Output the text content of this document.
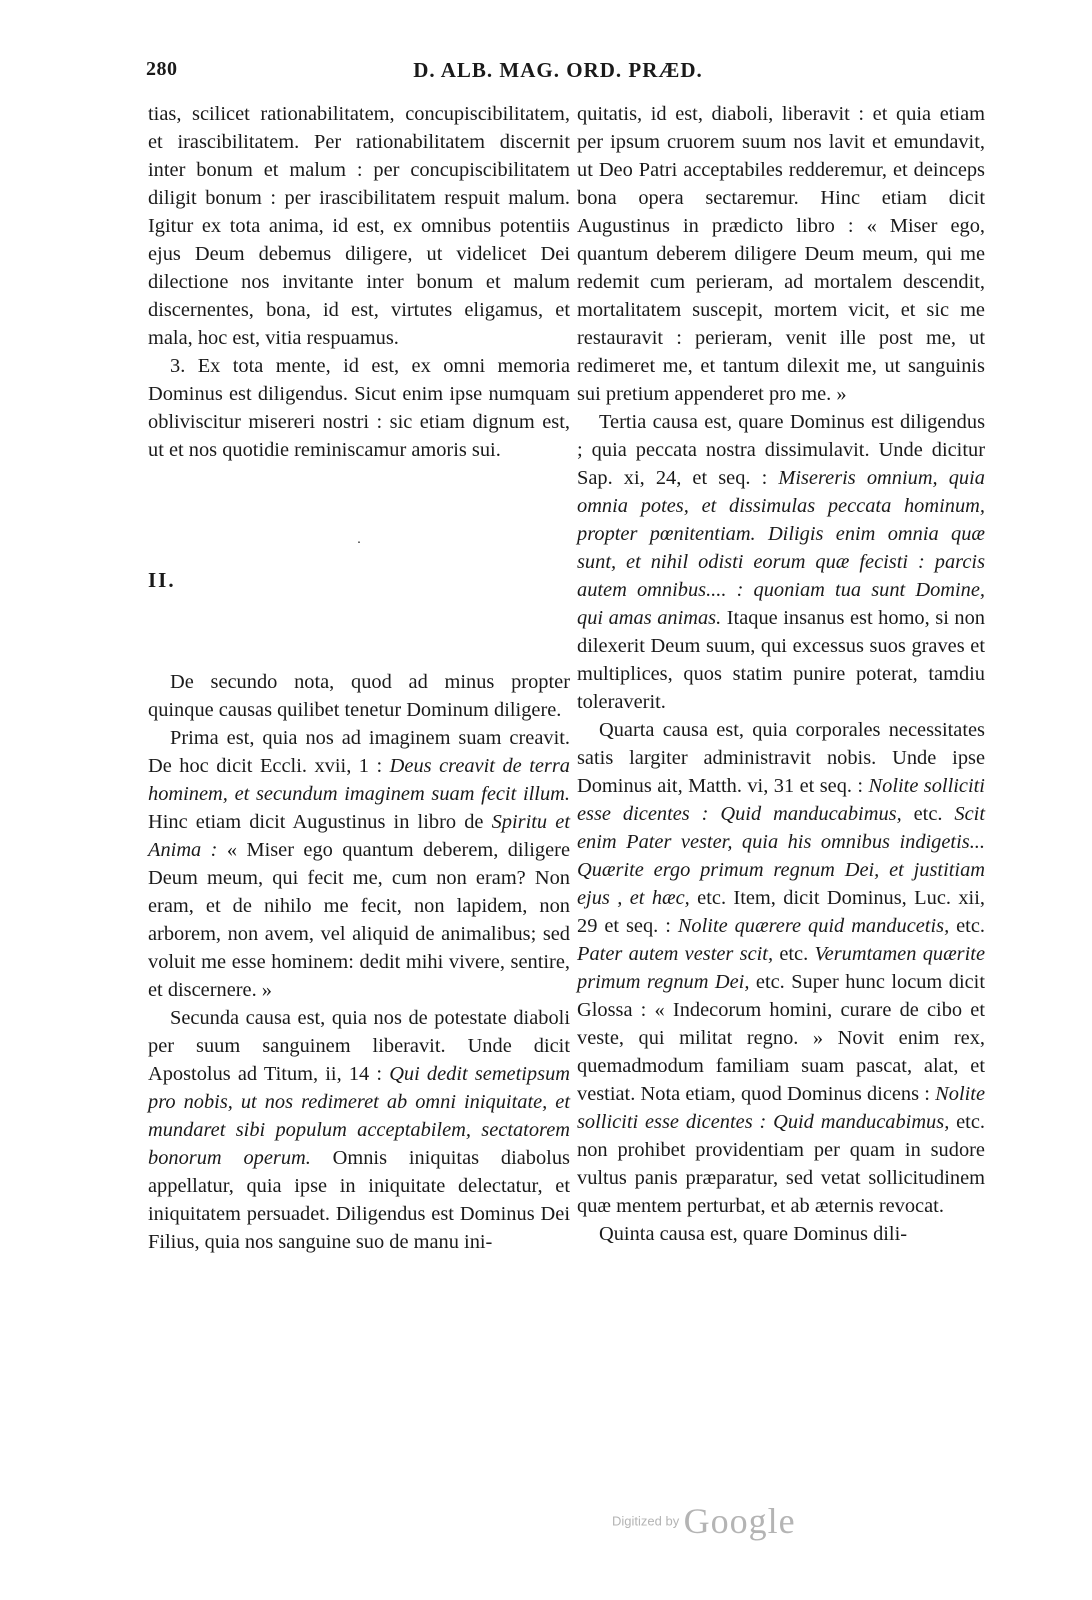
280	D. ALB. MAG. ORD. PRÆD.

tias, scilicet rationabilitatem, concupiscibilitatem, et irascibilitatem. Per rationabilitatem discernit inter bonum et malum : per concupiscibilitatem diligit bonum : per irascibilitatem respuit malum. Igitur ex tota anima, id est, ex omnibus potentiis ejus Deum debemus diligere, ut videlicet Dei dilectione nos invitante inter bonum et malum discernentes, bona, id est, virtutes eligamus, et mala, hoc est, vitia respuamus.

3. Ex tota mente, id est, ex omni memoria Dominus est diligendus. Sicut enim ipse numquam obliviscitur misereri nostri : sic etiam dignum est, ut et nos quotidie reminiscamur amoris sui.

.

II.

De secundo nota, quod ad minus propter quinque causas quilibet tenetur Dominum diligere.

Prima est, quia nos ad imaginem suam creavit. De hoc dicit Eccli. xvii, 1 : Deus creavit de terra hominem, et secundum imaginem suam fecit illum. Hinc etiam dicit Augustinus in libro de Spiritu et Anima : « Miser ego quantum deberem, diligere Deum meum, qui fecit me, cum non eram? Non eram, et de nihilo me fecit, non lapidem, non arborem, non avem, vel aliquid de animalibus; sed voluit me esse hominem: dedit mihi vivere, sentire, et discernere. »

Secunda causa est, quia nos de potestate diaboli per suum sanguinem liberavit. Unde dicit Apostolus ad Titum, ii, 14 : Qui dedit semetipsum pro nobis, ut nos redimeret ab omni iniquitate, et mundaret sibi populum acceptabilem, sectatorem bonorum operum. Omnis iniquitas diabolus appellatur, quia ipse in iniquitate delectatur, et iniquitatem persuadet. Diligendus est Dominus Dei Filius, quia nos sanguine suo de manu ini-

quitatis, id est, diaboli, liberavit : et quia etiam per ipsum cruorem suum nos lavit et emundavit, ut Deo Patri acceptabiles redderemur, et deinceps bona opera sectaremur. Hinc etiam dicit Augustinus in prædicto libro : « Miser ego, quantum deberem diligere Deum meum, qui me redemit cum perieram, ad mortalem descendit, mortalitatem suscepit, mortem vicit, et sic me restauravit : perieram, venit ille post me, ut redimeret me, et tantum dilexit me, ut sanguinis sui pretium appenderet pro me. »

Tertia causa est, quare Dominus est diligendus ; quia peccata nostra dissimulavit. Unde dicitur Sap. xi, 24, et seq. : Misereris omnium, quia omnia potes, et dissimulas peccata hominum, propter pœnitentiam. Diligis enim omnia quæ sunt, et nihil odisti eorum quæ fecisti : parcis autem omnibus.... : quoniam tua sunt Domine, qui amas animas. Itaque insanus est homo, si non dilexerit Deum suum, qui excessus suos graves et multiplices, quos statim punire poterat, tamdiu toleraverit.

Quarta causa est, quia corporales necessitates satis largiter administravit nobis. Unde ipse Dominus ait, Matth. vi, 31 et seq. : Nolite solliciti esse dicentes : Quid manducabimus, etc. Scit enim Pater vester, quia his omnibus indigetis... Quærite ergo primum regnum Dei, et justitiam ejus , et hæc, etc. Item, dicit Dominus, Luc. xii, 29 et seq. : Nolite quærere quid manducetis, etc. Pater autem vester scit, etc. Verumtamen quærite primum regnum Dei, etc. Super hunc locum dicit Glossa : « Indecorum homini, curare de cibo et veste, qui militat regno. » Novit enim rex, quemadmodum familiam suam pascat, alat, et vestiat. Nota etiam, quod Dominus dicens : Nolite solliciti esse dicentes : Quid manducabimus, etc. non prohibet providentiam per quam in sudore vultus panis præparatur, sed vetat sollicitudinem quæ mentem perturbat, et ab æternis revocat.

Quinta causa est, quare Dominus dili-

Digitized by Google
